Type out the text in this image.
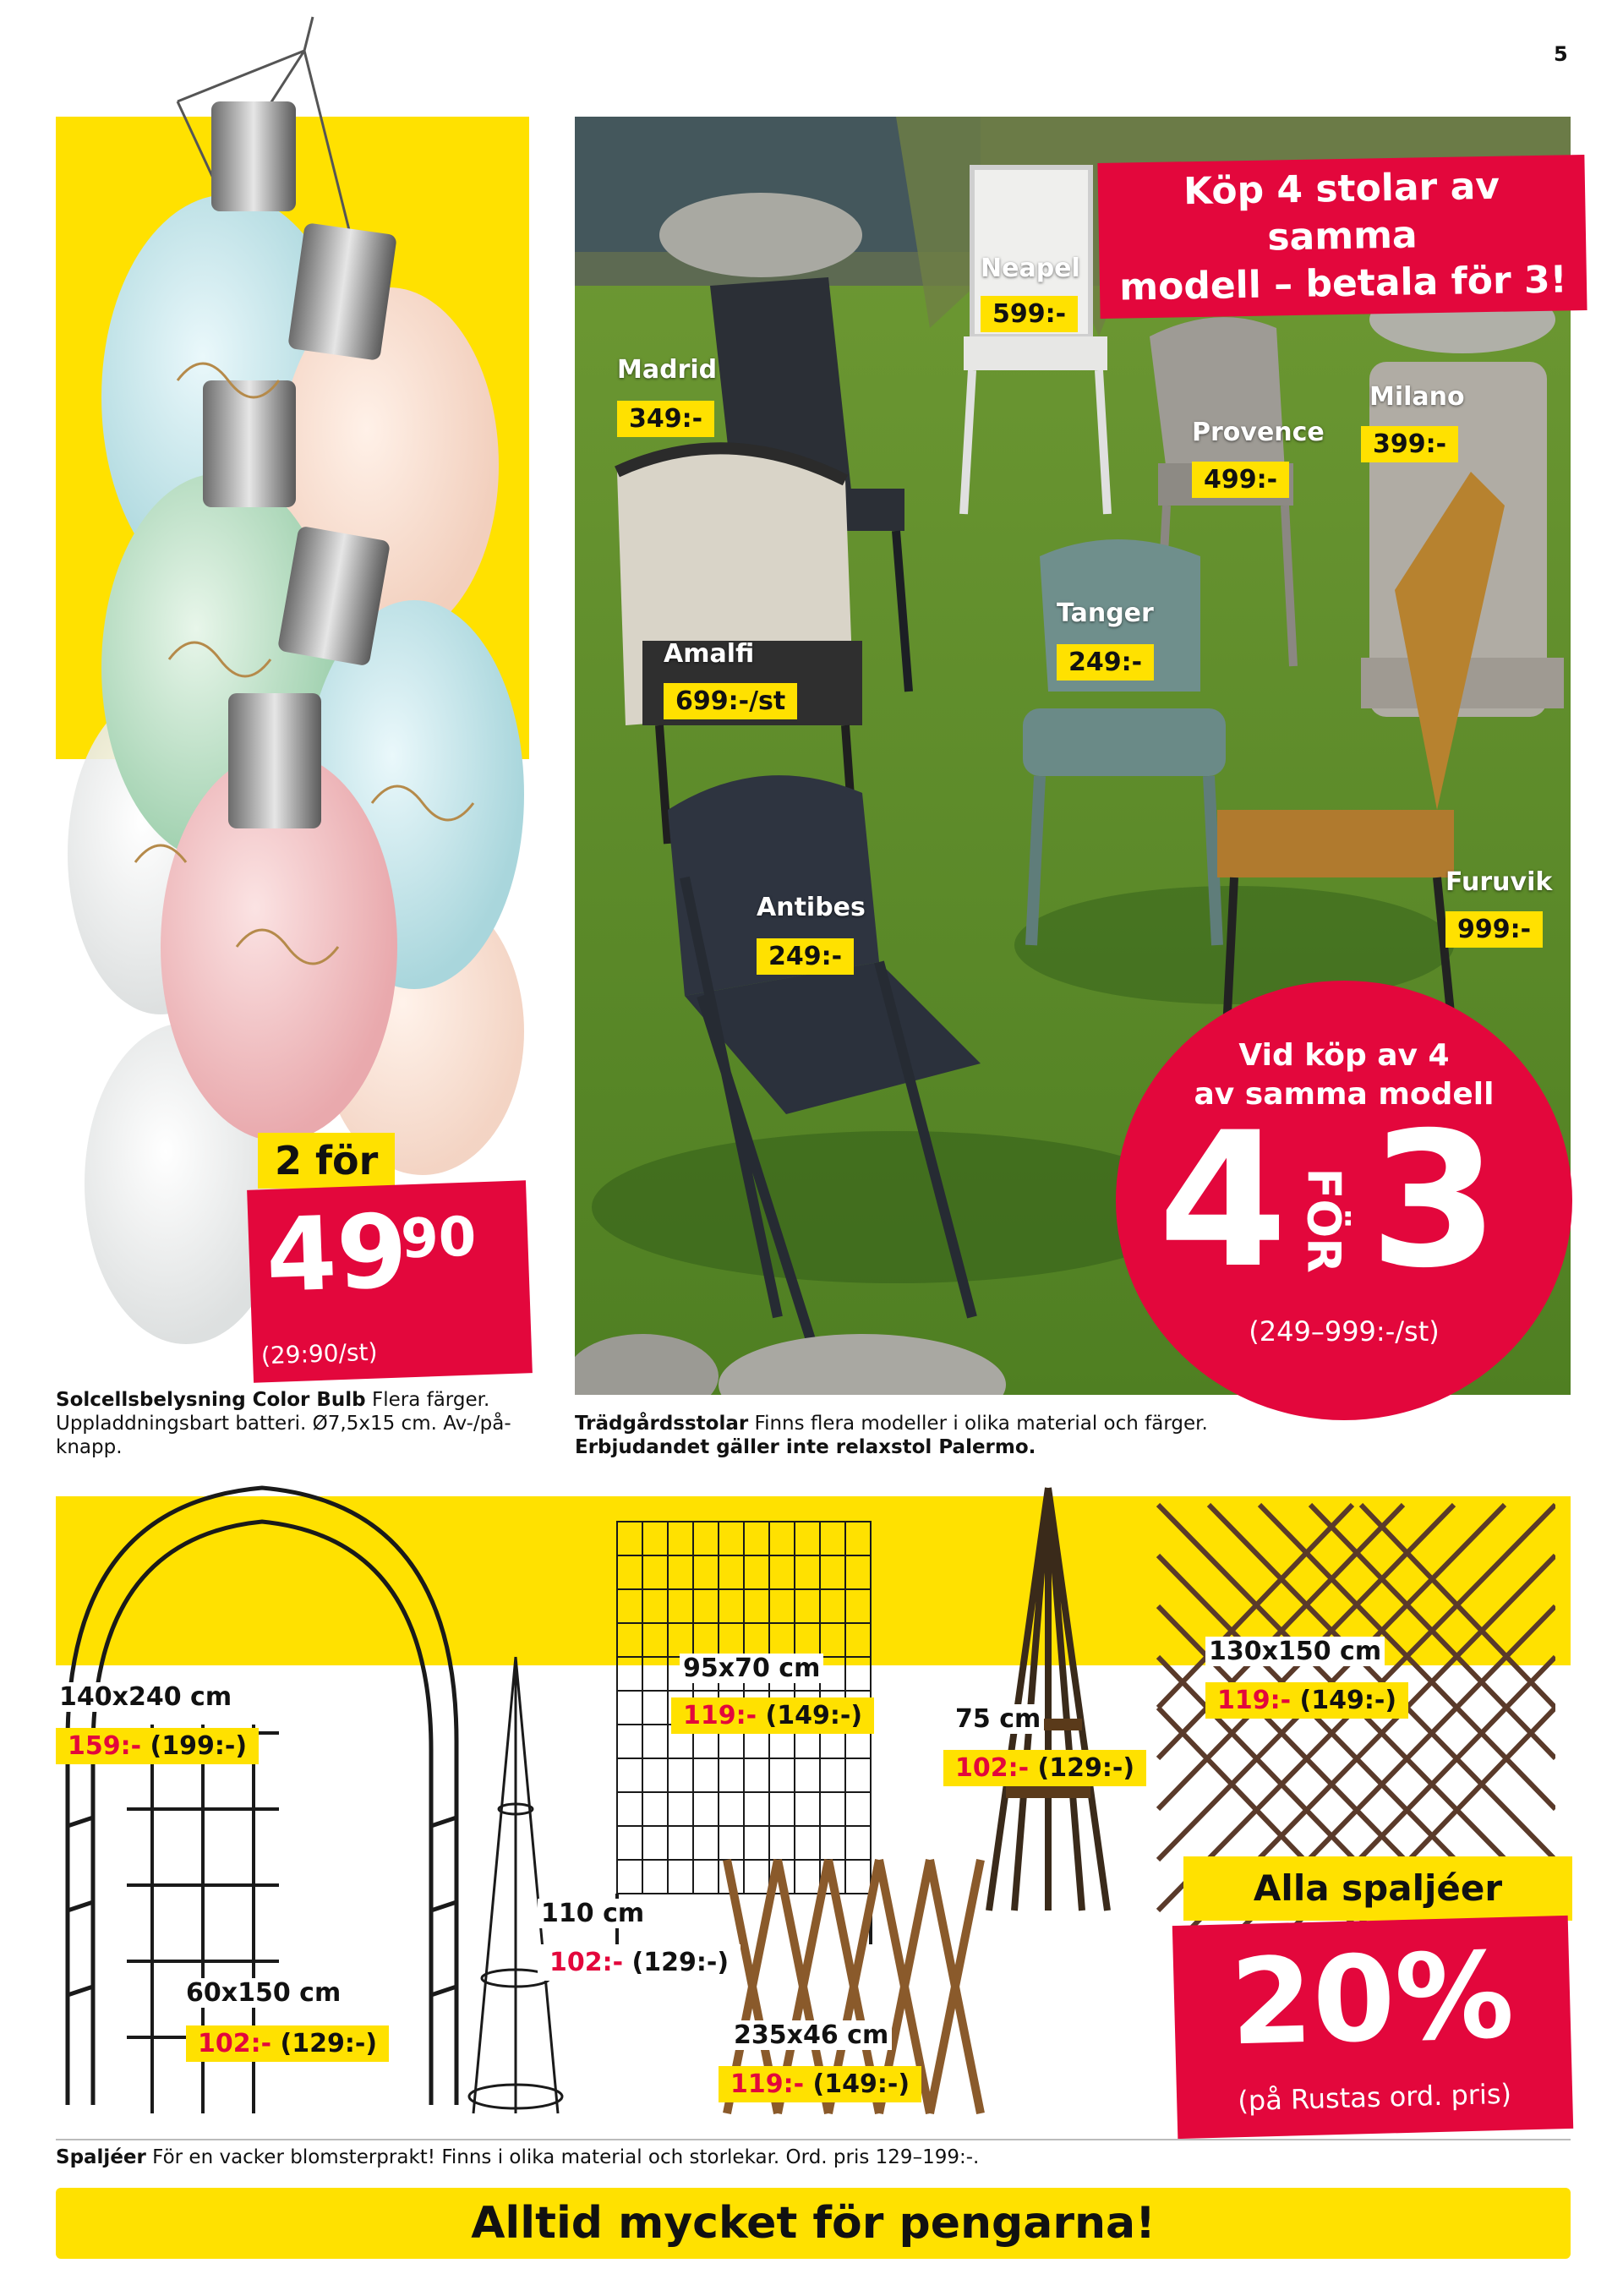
5
2 för
49
90
(29:90/st)
Solcellsbelysning Color Bulb Flera färger. Uppladdningsbart batteri. Ø7,5x15 cm. Av-/på-knapp.
Köp 4 stolar av samma
modell – betala för 3!
Neapel
599:-
Madrid
349:-
Milano
399:-
Provence
499:-
Tanger
249:-
Amalfi
699:-/st
Antibes
249:-
Furuvik
999:-
Vid köp av 4
av samma modell
4 FÖR 3
(249–999:-/st)
Trädgårdsstolar Finns flera modeller i olika material och färger.
Erbjudandet gäller inte relaxstol Palermo.
140x240 cm
159:- (199:-)
60x150 cm
102:- (129:-)
110 cm
102:- (129:-)
95x70 cm
119:- (149:-)
235x46 cm
119:- (149:-)
75 cm
102:- (129:-)
130x150 cm
119:- (149:-)
Alla spaljéer
20%
(på Rustas ord. pris)
Spaljéer För en vacker blomsterprakt! Finns i olika material och storlekar. Ord. pris 129–199:-.
Alltid mycket för pengarna!
